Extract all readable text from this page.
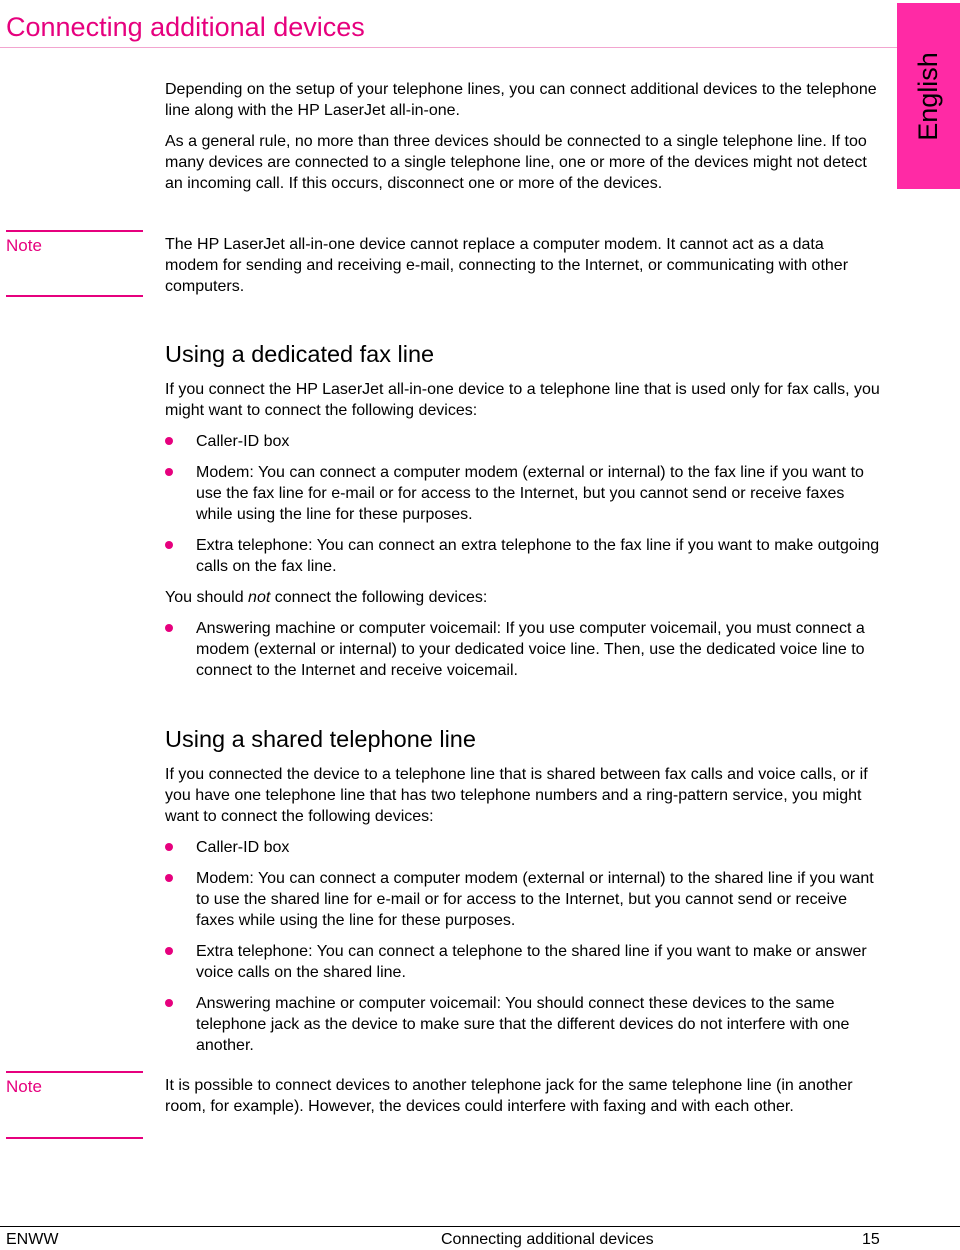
Connecting additional devices
English

Depending on the setup of your telephone lines, you can connect additional devices to the telephone line along with the HP LaserJet all-in-one.

As a general rule, no more than three devices should be connected to a single telephone line. If too many devices are connected to a single telephone line, one or more of the devices might not detect an incoming call. If this occurs, disconnect one or more of the devices.

Note	The HP LaserJet all-in-one device cannot replace a computer modem. It cannot act as a data modem for sending and receiving e-mail, connecting to the Internet, or communicating with other computers.

Using a dedicated fax line

If you connect the HP LaserJet all-in-one device to a telephone line that is used only for fax calls, you might want to connect the following devices:

Caller-ID box
Modem: You can connect a computer modem (external or internal) to the fax line if you want to use the fax line for e-mail or for access to the Internet, but you cannot send or receive faxes while using the line for these purposes.
Extra telephone: You can connect an extra telephone to the fax line if you want to make outgoing calls on the fax line.

You should not connect the following devices:

Answering machine or computer voicemail: If you use computer voicemail, you must connect a modem (external or internal) to your dedicated voice line. Then, use the dedicated voice line to connect to the Internet and receive voicemail.
Using a shared telephone line

If you connected the device to a telephone line that is shared between fax calls and voice calls, or if you have one telephone line that has two telephone numbers and a ring-pattern service, you might want to connect the following devices:

Caller-ID box
Modem: You can connect a computer modem (external or internal) to the shared line if you want to use the shared line for e-mail or for access to the Internet, but you cannot send or receive faxes while using the line for these purposes.
Extra telephone: You can connect a telephone to the shared line if you want to make or answer voice calls on the shared line.
Answering machine or computer voicemail: You should connect these devices to the same telephone jack as the device to make sure that the different devices do not interfere with one another.
Note	It is possible to connect devices to another telephone jack for the same telephone line (in another room, for example). However, the devices could interfere with faxing and with each other.

ENWW	Connecting additional devices	15
